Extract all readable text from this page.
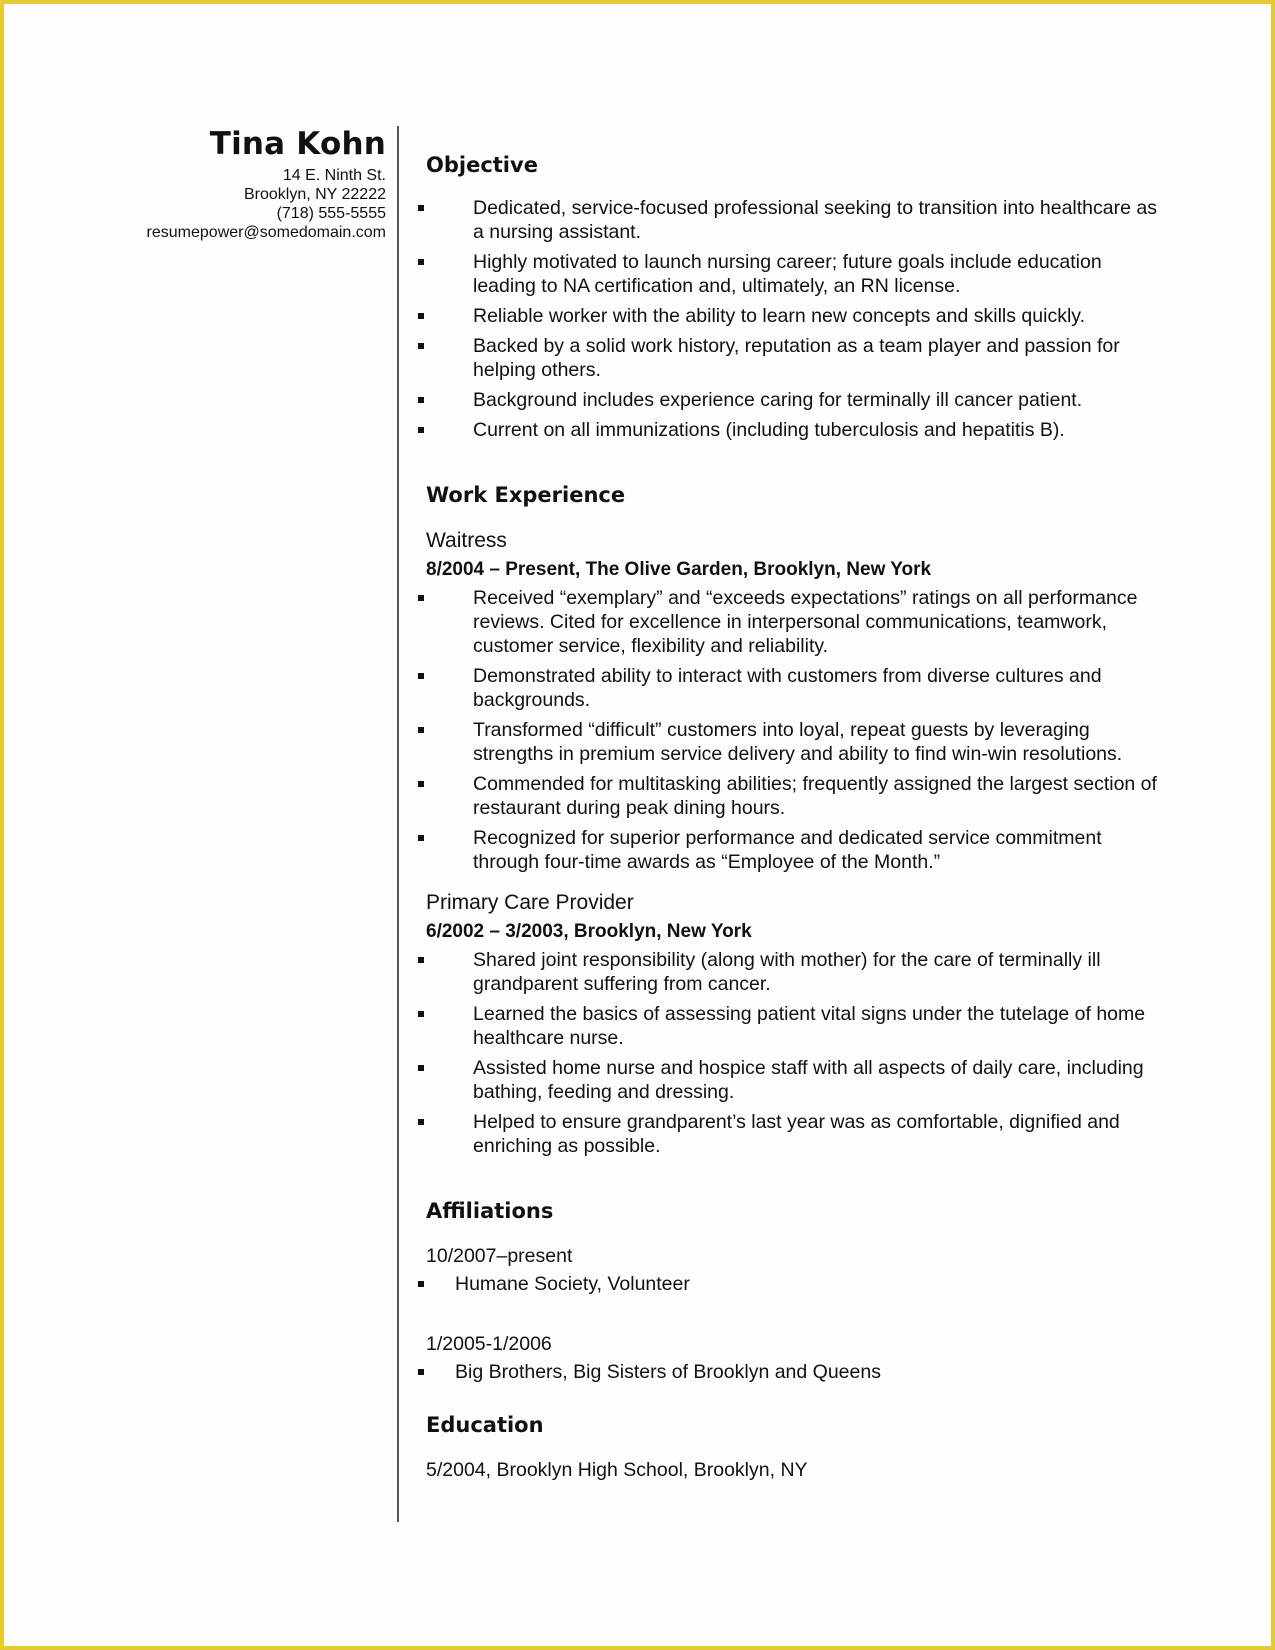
Tina Kohn
14 E. Ninth St.
Brooklyn, NY 22222
(718) 555-5555
resumepower@somedomain.com
Objective
Dedicated, service-focused professional seeking to transition into healthcare as a nursing assistant.
Highly motivated to launch nursing career; future goals include education leading to NA certification and, ultimately, an RN license.
Reliable worker with the ability to learn new concepts and skills quickly.
Backed by a solid work history, reputation as a team player and passion for helping others.
Background includes experience caring for terminally ill cancer patient.
Current on all immunizations (including tuberculosis and hepatitis B).
Work Experience
Waitress
8/2004 – Present, The Olive Garden, Brooklyn, New York
Received “exemplary” and “exceeds expectations” ratings on all performance reviews. Cited for excellence in interpersonal communications, teamwork, customer service, flexibility and reliability.
Demonstrated ability to interact with customers from diverse cultures and backgrounds.
Transformed “difficult” customers into loyal, repeat guests by leveraging strengths in premium service delivery and ability to find win-win resolutions.
Commended for multitasking abilities; frequently assigned the largest section of restaurant during peak dining hours.
Recognized for superior performance and dedicated service commitment through four-time awards as “Employee of the Month.”
Primary Care Provider
6/2002 – 3/2003, Brooklyn, New York
Shared joint responsibility (along with mother) for the care of terminally ill grandparent suffering from cancer.
Learned the basics of assessing patient vital signs under the tutelage of home healthcare nurse.
Assisted home nurse and hospice staff with all aspects of daily care, including bathing, feeding and dressing.
Helped to ensure grandparent’s last year was as comfortable, dignified and enriching as possible.
Affiliations
10/2007–present
Humane Society, Volunteer
1/2005-1/2006
Big Brothers, Big Sisters of Brooklyn and Queens
Education
5/2004, Brooklyn High School, Brooklyn, NY
